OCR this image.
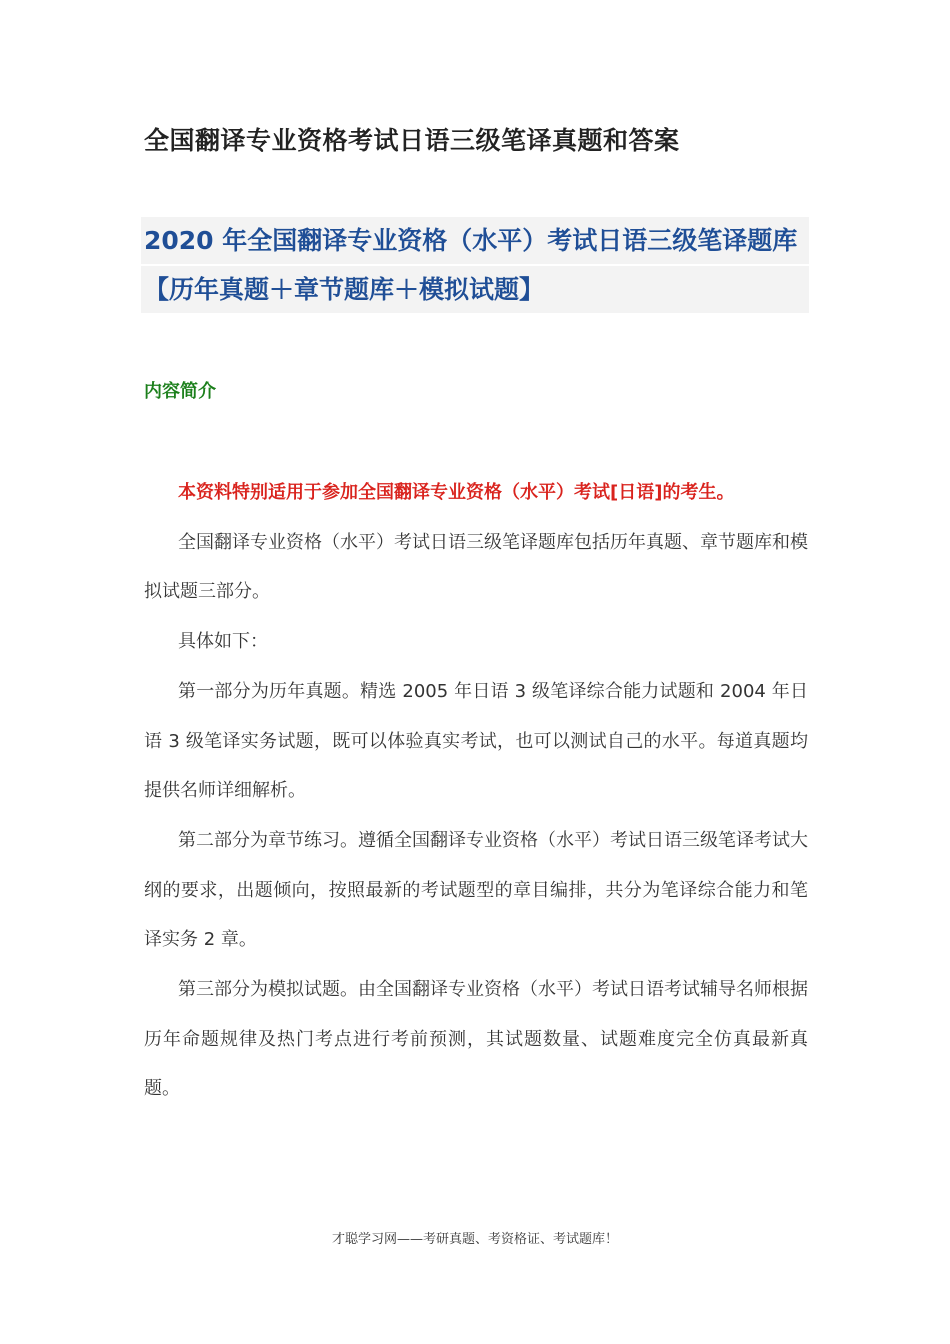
全国翻译专业资格考试日语三级笔译真题和答案
2020 年全国翻译专业资格（水平）考试日语三级笔译题库
【历年真题＋章节题库＋模拟试题】
内容简介

本资料特别适用于参加全国翻译专业资格（水平）考试[日语]的考生。

全国翻译专业资格（水平）考试日语三级笔译题库包括历年真题、章节题库和模拟试题三部分。

具体如下：

第一部分为历年真题。精选 2005 年日语 3 级笔译综合能力试题和 2004 年日语 3 级笔译实务试题，既可以体验真实考试，也可以测试自己的水平。每道真题均提供名师详细解析。

第二部分为章节练习。遵循全国翻译专业资格（水平）考试日语三级笔译考试大纲的要求，出题倾向，按照最新的考试题型的章目编排，共分为笔译综合能力和笔译实务 2 章。

第三部分为模拟试题。由全国翻译专业资格（水平）考试日语考试辅导名师根据历年命题规律及热门考点进行考前预测，其试题数量、试题难度完全仿真最新真题。

才聪学习网——考研真题、考资格证、考试题库！
